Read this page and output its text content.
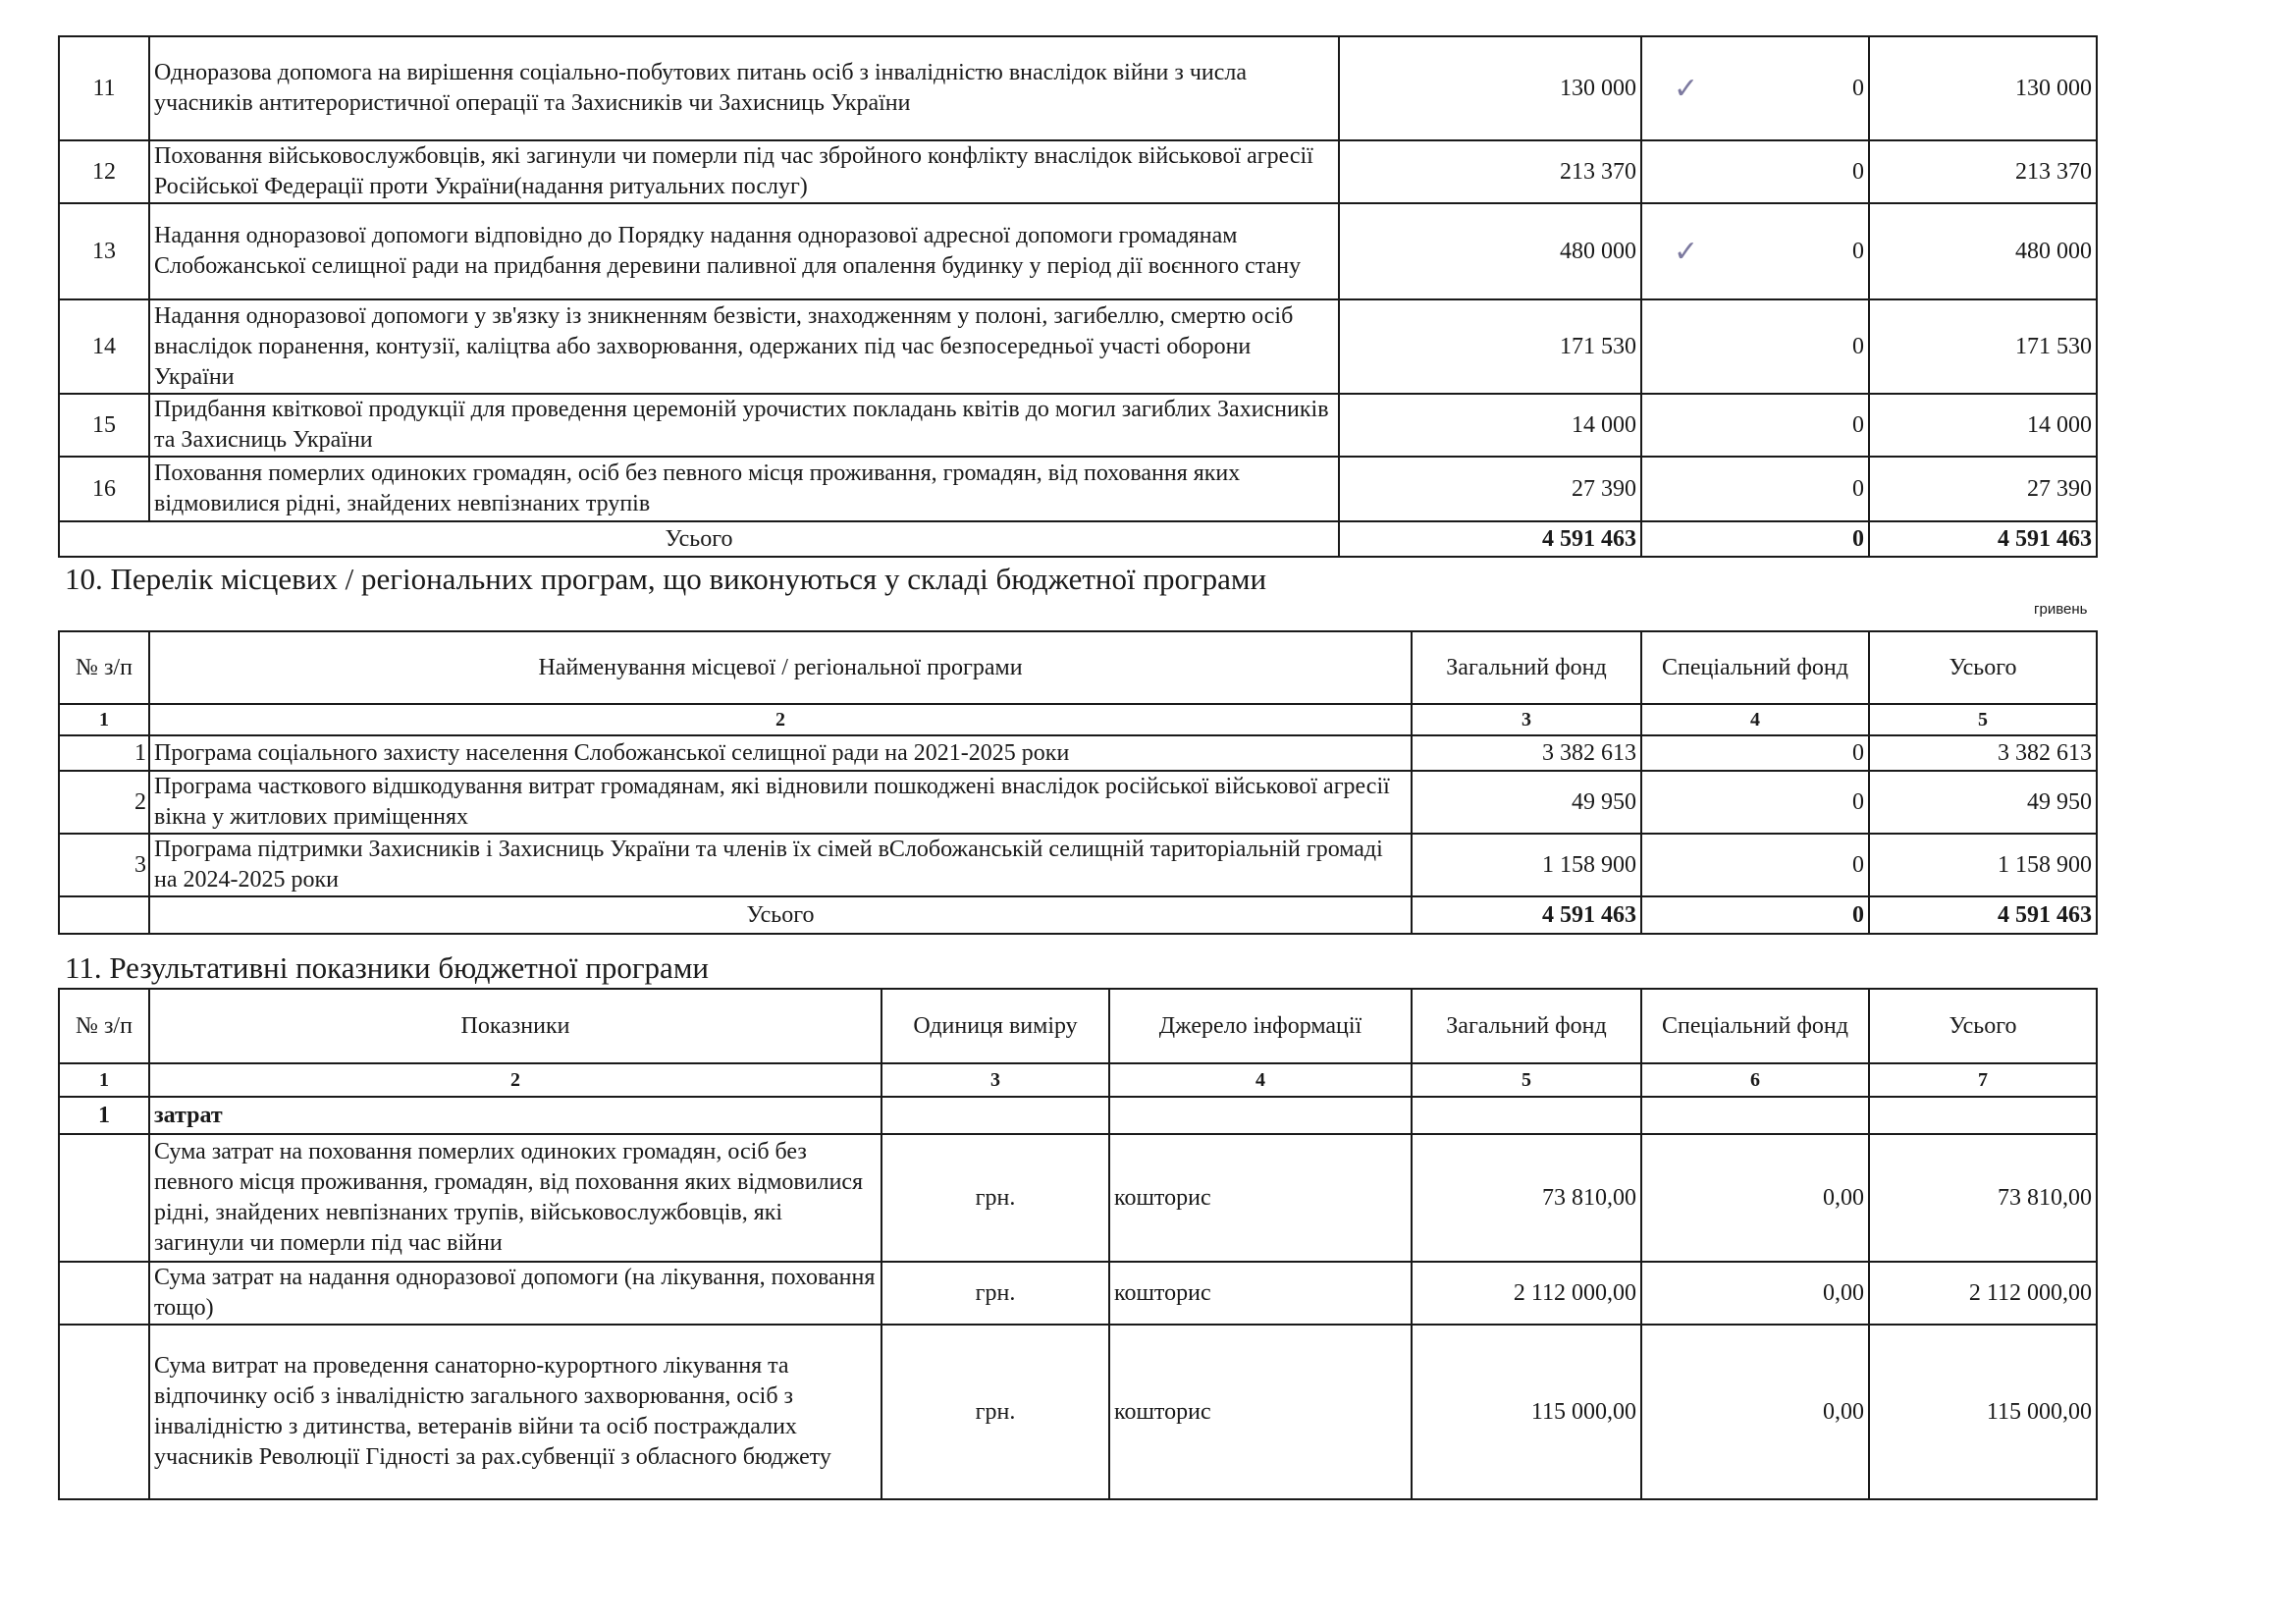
11	Одноразова допомога на вирішення соціально-побутових питань осіб з інвалідністю внаслідок війни з числа учасників антитерористичної операції та Захисників чи Захисниць України	130 000	✓ 0	130 000
12	Поховання військовослужбовців, які загинули чи померли під час збройного конфлікту внаслідок військової агресії Російської Федерації проти України(надання ритуальних послуг)	213 370	0	213 370
13	Надання одноразової допомоги відповідно до Порядку надання одноразової адресної допомоги громадянам Слобожанської селищної ради на придбання деревини паливної для опалення будинку у період дії воєнного стану	480 000	✓ 0	480 000
14	Надання одноразової допомоги у зв'язку із зникненням безвісти, знаходженням у полоні, загибеллю, смертю осіб внаслідок поранення, контузії, каліцтва або захворювання, одержаних під час безпосередньої участі оборони України	171 530	0	171 530
15	Придбання квіткової продукції для проведення церемоній урочистих покладань квітів до могил загиблих Захисників та Захисниць України	14 000	0	14 000
16	Поховання померлих одиноких громадян, осіб без певного місця проживання, громадян, від поховання яких відмовилися рідні, знайдених невпізнаних трупів	27 390	0	27 390
Усього		4 591 463	0	4 591 463
10. Перелік місцевих / регіональних програм, що виконуються у складі бюджетної програми
гривень
№ з/п	Найменування місцевої / регіональної програми	Загальний фонд	Спеціальний фонд	Усього
1	2	3	4	5
1	Програма соціального захисту населення Слобожанської селищної ради на 2021-2025 роки	3 382 613	0	3 382 613
2	Програма часткового відшкодування витрат громадянам, які відновили пошкоджені внаслідок російської військової агресії вікна у житлових приміщеннях	49 950	0	49 950
3	Програма підтримки Захисників і Захисниць України та членів їх сімей вСлобожанській селищній тариторіальній громаді на 2024-2025 роки	1 158 900	0	1 158 900
	Усього	4 591 463	0	4 591 463
11. Результативні показники бюджетної програми
№ з/п	Показники	Одиниця виміру	Джерело інформації	Загальний фонд	Спеціальний фонд	Усього
1	2	3	4	5	6	7
1	затрат					
	Сума затрат на поховання померлих одиноких громадян, осіб без певного місця проживання, громадян, від поховання яких відмовилися рідні, знайдених невпізнаних трупів, військовослужбовців, які загинули чи померли під час війни	грн.	кошторис	73 810,00	0,00	73 810,00
	Сума затрат на надання одноразової допомоги (на лікування, поховання тощо)	грн.	кошторис	2 112 000,00	0,00	2 112 000,00
	Сума витрат на проведення санаторно-курортного лікування та відпочинку осіб з інвалідністю загального захворювання, осіб з інвалідністю з дитинства, ветеранів війни та осіб постраждалих учасників Революції Гідності за рах.субвенції з обласного бюджету	грн.	кошторис	115 000,00	0,00	115 000,00
